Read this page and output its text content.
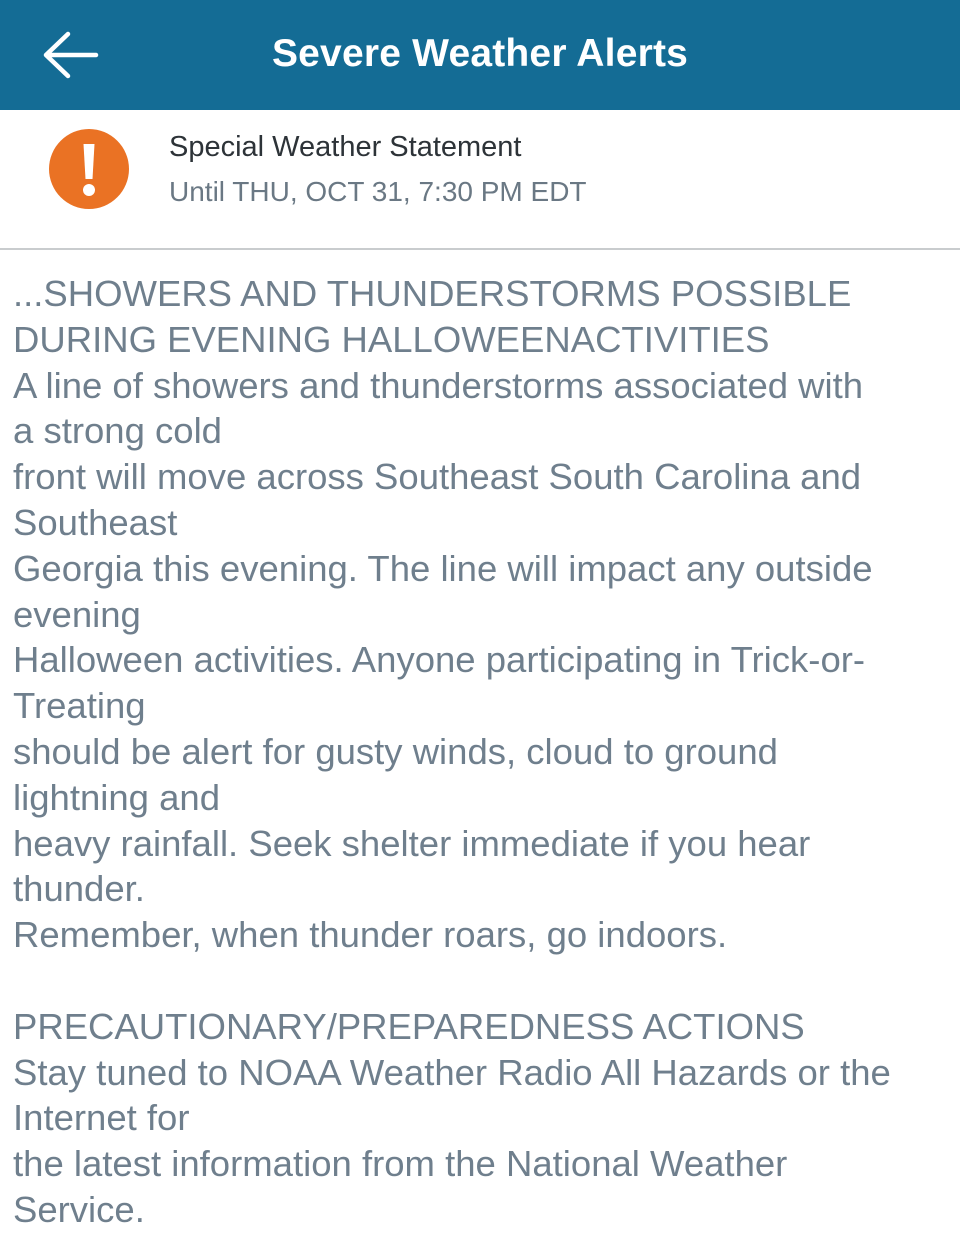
Severe Weather Alerts
Special Weather Statement
Until THU, OCT 31, 7:30 PM EDT
...SHOWERS AND THUNDERSTORMS POSSIBLE
DURING EVENING HALLOWEENACTIVITIES
A line of showers and thunderstorms associated with
a strong cold
front will move across Southeast South Carolina and
Southeast
Georgia this evening. The line will impact any outside
evening
Halloween activities. Anyone participating in Trick-or-
Treating
should be alert for gusty winds, cloud to ground
lightning and
heavy rainfall. Seek shelter immediate if you hear
thunder.
Remember, when thunder roars, go indoors.
PRECAUTIONARY/PREPAREDNESS ACTIONS
Stay tuned to NOAA Weather Radio All Hazards or the
Internet for
the latest information from the National Weather
Service.
